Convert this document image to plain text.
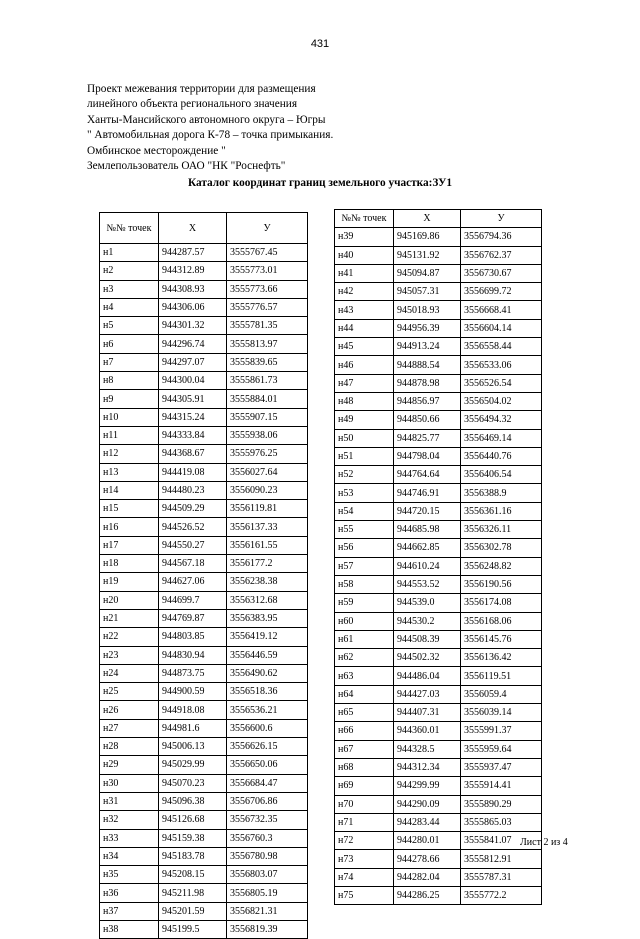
431
Проект межевания территории для размещения
линейного объекта регионального значения
Ханты-Мансийского автономного округа – Югры
" Автомобильная дорога К-78 – точка примыкания.
Омбинское месторождение "
Землепользователь ОАО "НК "Роснефть"
Каталог координат границ земельного участка:ЗУ1
№№ точек	X	У
н1	944287.57	3555767.45
н2	944312.89	3555773.01
н3	944308.93	3555773.66
н4	944306.06	3555776.57
н5	944301.32	3555781.35
н6	944296.74	3555813.97
н7	944297.07	3555839.65
н8	944300.04	3555861.73
н9	944305.91	3555884.01
н10	944315.24	3555907.15
н11	944333.84	3555938.06
н12	944368.67	3555976.25
н13	944419.08	3556027.64
н14	944480.23	3556090.23
н15	944509.29	3556119.81
н16	944526.52	3556137.33
н17	944550.27	3556161.55
н18	944567.18	3556177.2
н19	944627.06	3556238.38
н20	944699.7	3556312.68
н21	944769.87	3556383.95
н22	944803.85	3556419.12
н23	944830.94	3556446.59
н24	944873.75	3556490.62
н25	944900.59	3556518.36
н26	944918.08	3556536.21
н27	944981.6	3556600.6
н28	945006.13	3556626.15
н29	945029.99	3556650.06
н30	945070.23	3556684.47
н31	945096.38	3556706.86
н32	945126.68	3556732.35
н33	945159.38	3556760.3
н34	945183.78	3556780.98
н35	945208.15	3556803.07
н36	945211.98	3556805.19
н37	945201.59	3556821.31
н38	945199.5	3556819.39
№№ точек	X	У
н39	945169.86	3556794.36
н40	945131.92	3556762.37
н41	945094.87	3556730.67
н42	945057.31	3556699.72
н43	945018.93	3556668.41
н44	944956.39	3556604.14
н45	944913.24	3556558.44
н46	944888.54	3556533.06
н47	944878.98	3556526.54
н48	944856.97	3556504.02
н49	944850.66	3556494.32
н50	944825.77	3556469.14
н51	944798.04	3556440.76
н52	944764.64	3556406.54
н53	944746.91	3556388.9
н54	944720.15	3556361.16
н55	944685.98	3556326.11
н56	944662.85	3556302.78
н57	944610.24	3556248.82
н58	944553.52	3556190.56
н59	944539.0	3556174.08
н60	944530.2	3556168.06
н61	944508.39	3556145.76
н62	944502.32	3556136.42
н63	944486.04	3556119.51
н64	944427.03	3556059.4
н65	944407.31	3556039.14
н66	944360.01	3555991.37
н67	944328.5	3555959.64
н68	944312.34	3555937.47
н69	944299.99	3555914.41
н70	944290.09	3555890.29
н71	944283.44	3555865.03
н72	944280.01	3555841.07
н73	944278.66	3555812.91
н74	944282.04	3555787.31
н75	944286.25	3555772.2
Лист 2 из 4
